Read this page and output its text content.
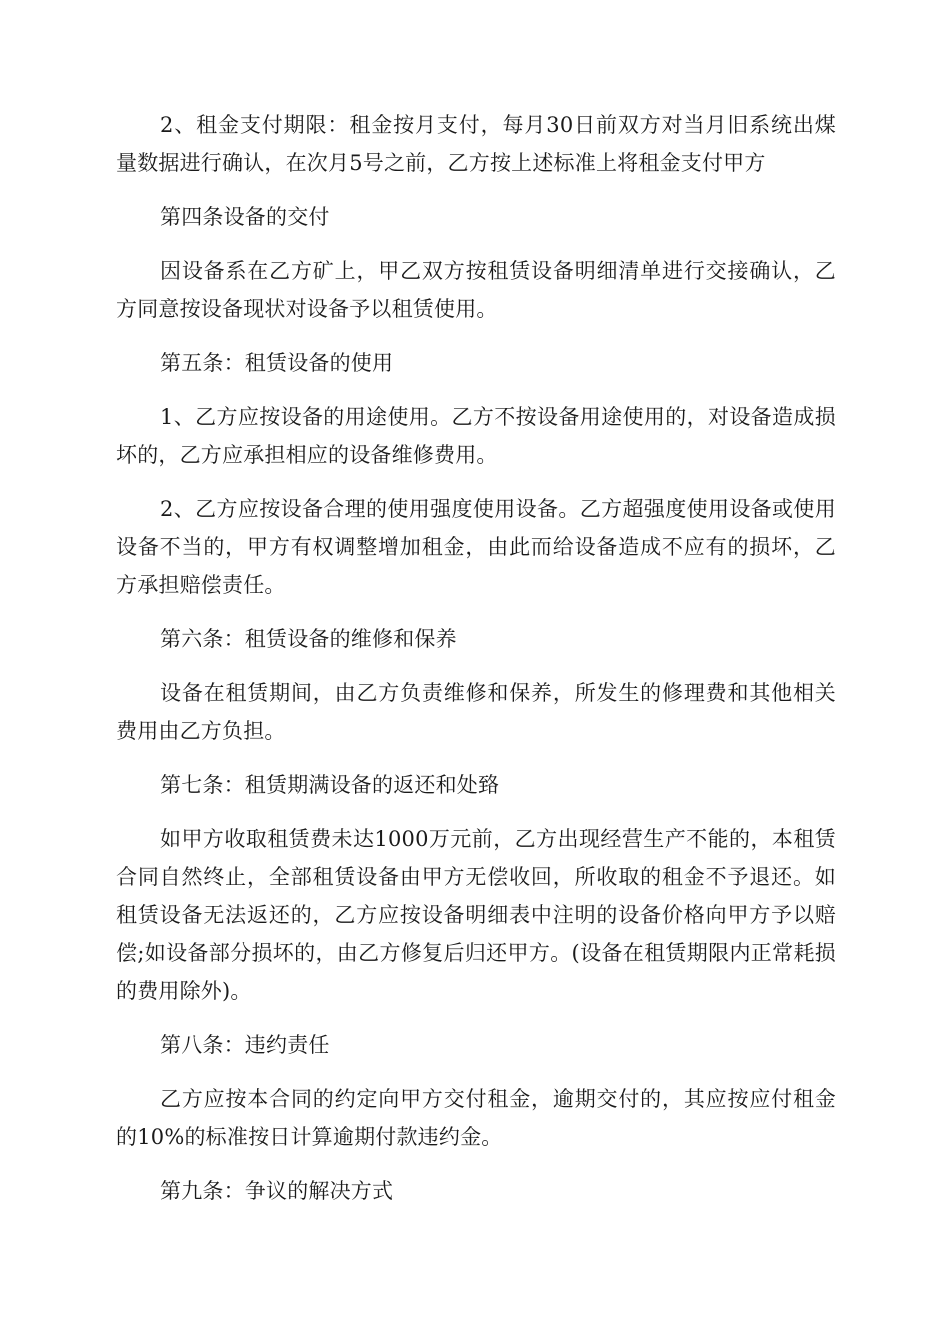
2、租金支付期限：租金按月支付，每月30日前双方对当月旧系统出煤量数据进行确认，在次月5号之前，乙方按上述标准上将租金支付甲方

第四条设备的交付

因设备系在乙方矿上，甲乙双方按租赁设备明细清单进行交接确认，乙方同意按设备现状对设备予以租赁使用。

第五条：租赁设备的使用

1、乙方应按设备的用途使用。乙方不按设备用途使用的，对设备造成损坏的，乙方应承担相应的设备维修费用。

2、乙方应按设备合理的使用强度使用设备。乙方超强度使用设备或使用设备不当的，甲方有权调整增加租金，由此而给设备造成不应有的损坏，乙方承担赔偿责任。

第六条：租赁设备的维修和保养

设备在租赁期间，由乙方负责维修和保养，所发生的修理费和其他相关费用由乙方负担。

第七条：租赁期满设备的返还和处臵

如甲方收取租赁费未达1000万元前，乙方出现经营生产不能的，本租赁合同自然终止，全部租赁设备由甲方无偿收回，所收取的租金不予退还。如租赁设备无法返还的，乙方应按设备明细表中注明的设备价格向甲方予以赔偿;如设备部分损坏的，由乙方修复后归还甲方。(设备在租赁期限内正常耗损的费用除外)。

第八条：违约责任

乙方应按本合同的约定向甲方交付租金，逾期交付的，其应按应付租金的10%的标准按日计算逾期付款违约金。

第九条：争议的解决方式
